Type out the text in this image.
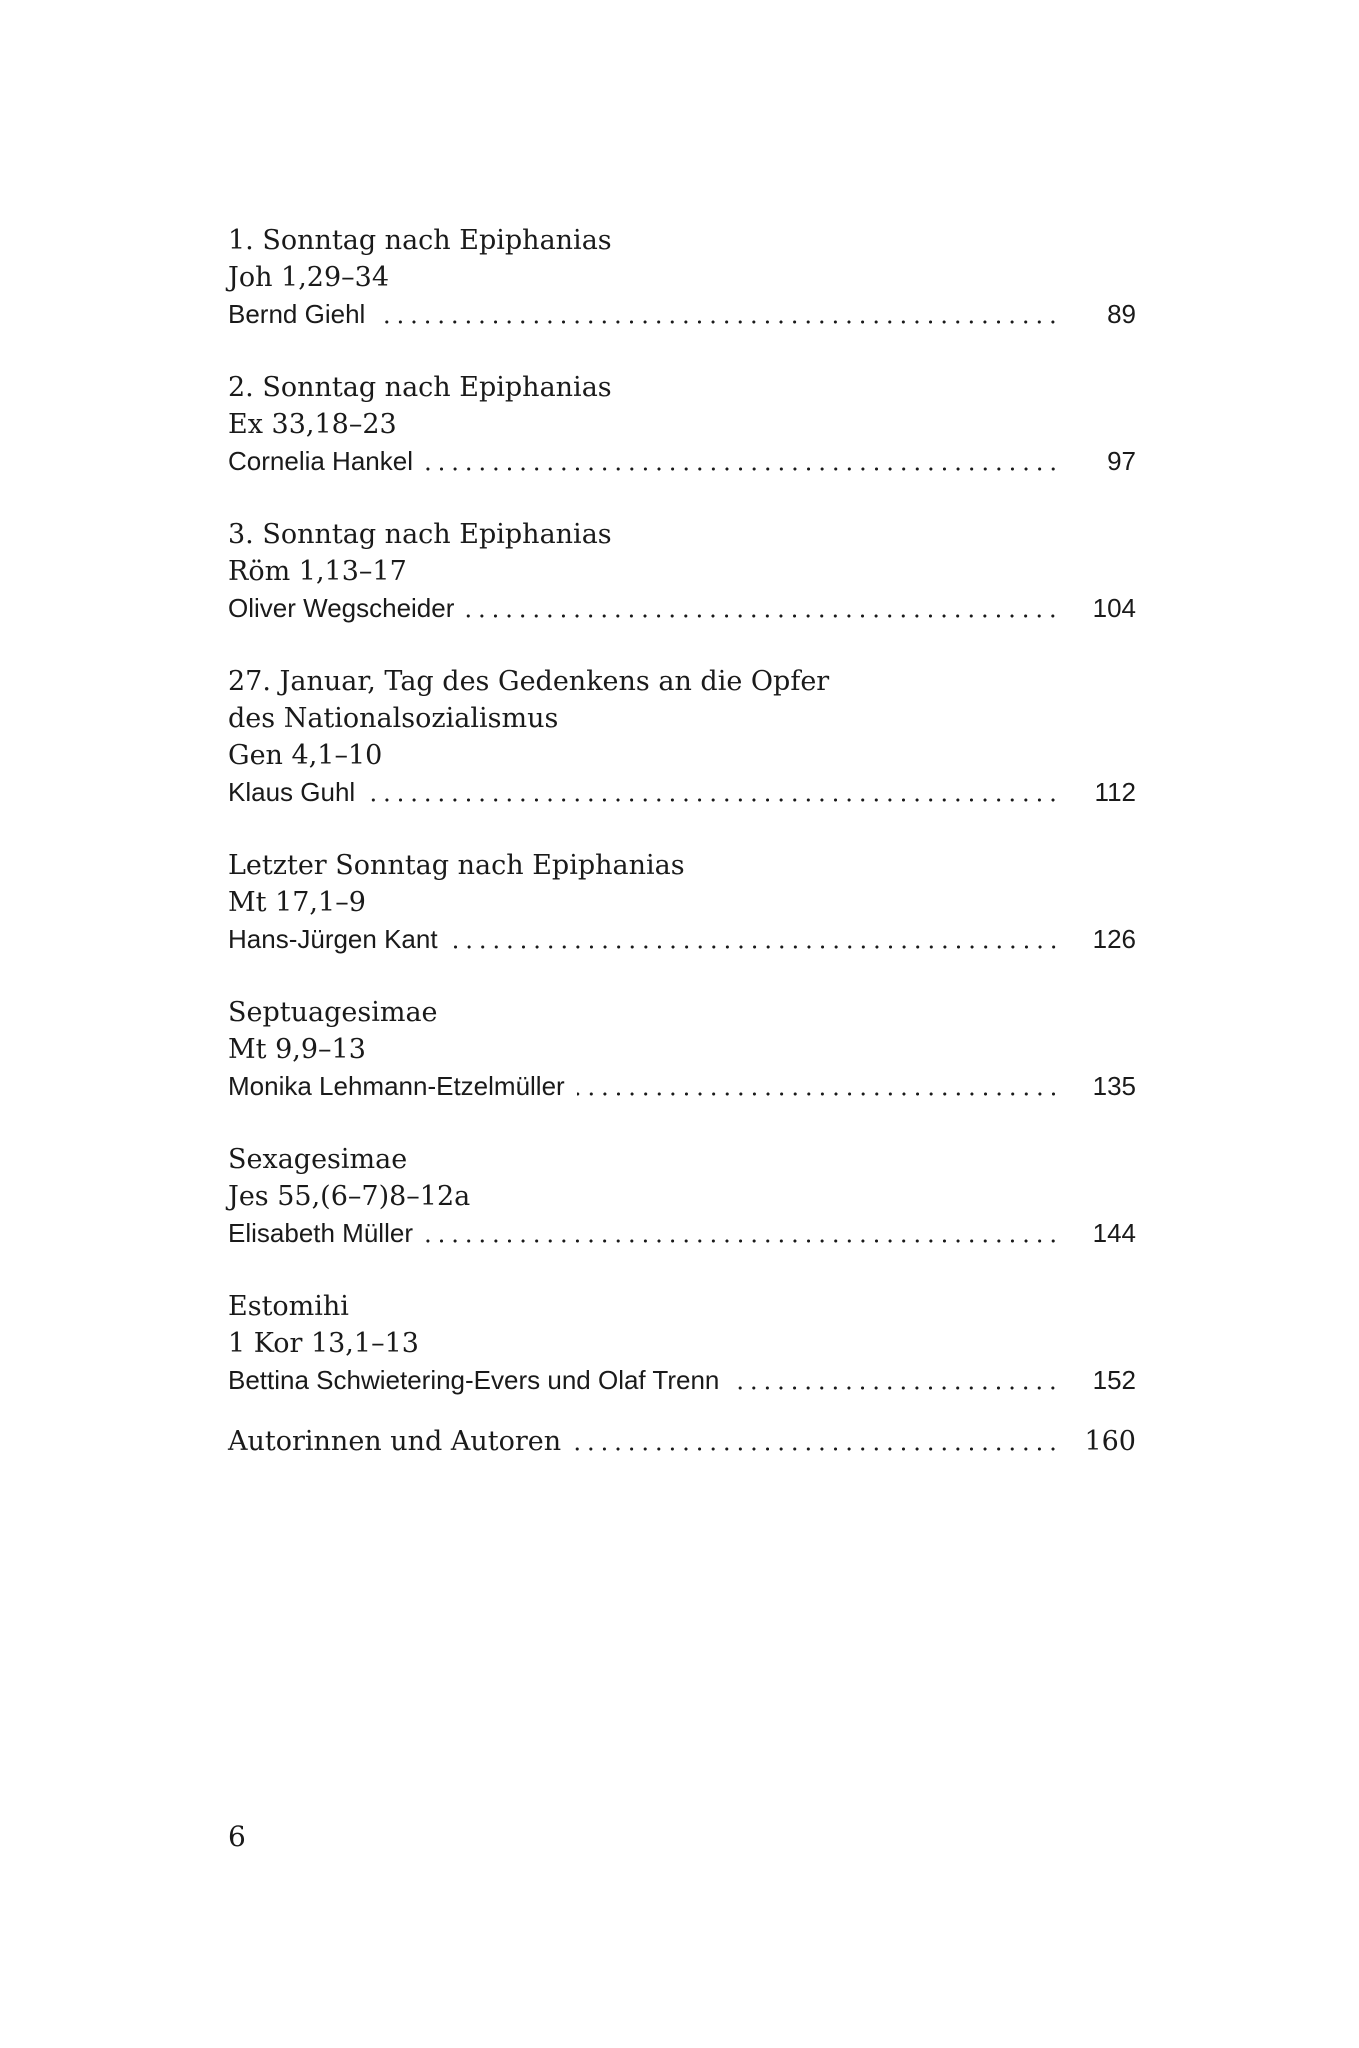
1. Sonntag nach Epiphanias
Joh 1,29–34
Bernd Giehl	89
2. Sonntag nach Epiphanias
Ex 33,18–23
Cornelia Hankel	97
3. Sonntag nach Epiphanias
Röm 1,13–17
Oliver Wegscheider	104
27. Januar, Tag des Gedenkens an die Opfer
des Nationalsozialismus
Gen 4,1–10
Klaus Guhl	112
Letzter Sonntag nach Epiphanias
Mt 17,1–9
Hans-Jürgen Kant	126
Septuagesimae
Mt 9,9–13
Monika Lehmann-Etzelmüller	135
Sexagesimae
Jes 55,(6–7)8–12a
Elisabeth Müller	144
Estomihi
1 Kor 13,1–13
Bettina Schwietering-Evers und Olaf Trenn	152
Autorinnen und Autoren	160
6
